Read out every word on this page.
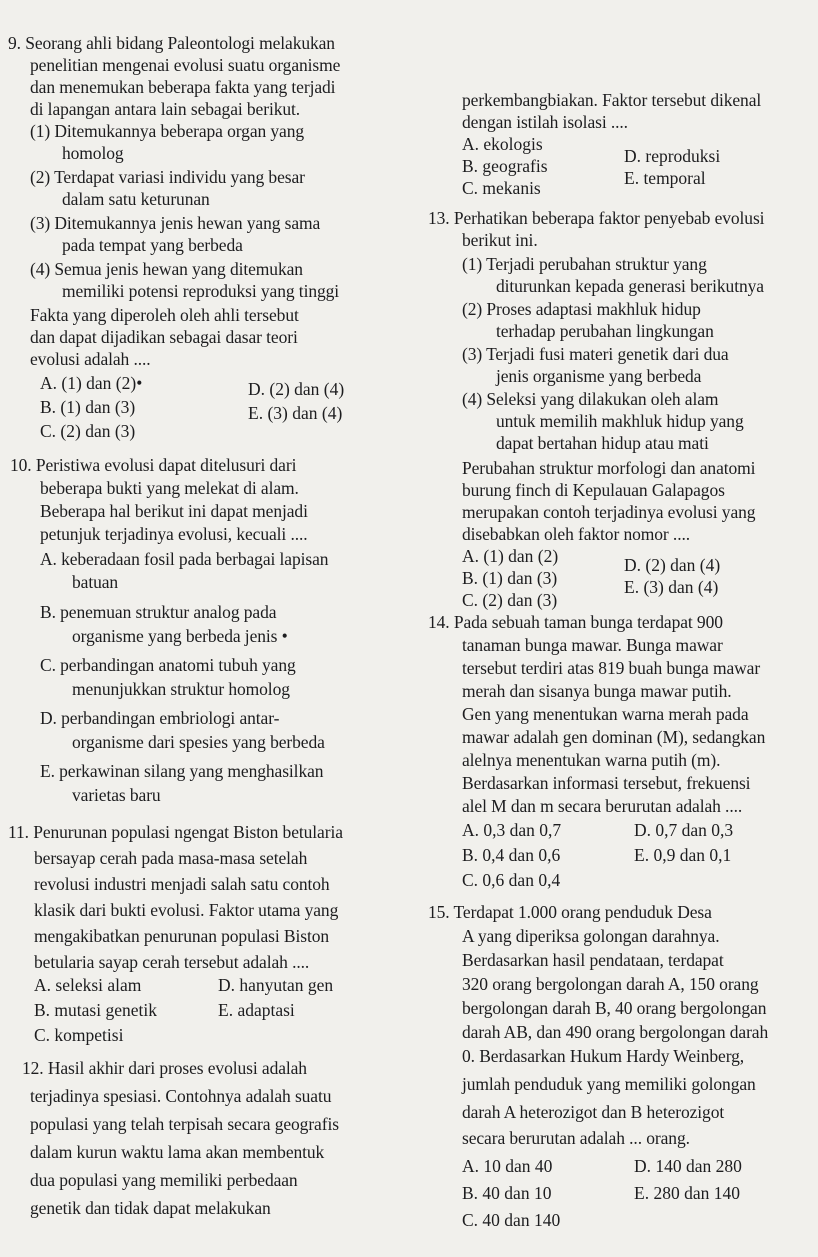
9. Seorang ahli bidang Paleontologi melakukan
penelitian mengenai evolusi suatu organisme
dan menemukan beberapa fakta yang terjadi
di lapangan antara lain sebagai berikut.
(1) Ditemukannya beberapa organ yang
homolog
(2) Terdapat variasi individu yang besar
dalam satu keturunan
(3) Ditemukannya jenis hewan yang sama
pada tempat yang berbeda
(4) Semua jenis hewan yang ditemukan
memiliki potensi reproduksi yang tinggi
Fakta yang diperoleh oleh ahli tersebut
dan dapat dijadikan sebagai dasar teori
evolusi adalah ....
A. (1) dan (2)•	D. (2) dan (4)
B. (1) dan (3)	E. (3) dan (4)
C. (2) dan (3)
10. Peristiwa evolusi dapat ditelusuri dari
beberapa bukti yang melekat di alam.
Beberapa hal berikut ini dapat menjadi
petunjuk terjadinya evolusi, kecuali ....
A. keberadaan fosil pada berbagai lapisan
batuan
B. penemuan struktur analog pada
organisme yang berbeda jenis •
C. perbandingan anatomi tubuh yang
menunjukkan struktur homolog
D. perbandingan embriologi antar-
organisme dari spesies yang berbeda
E. perkawinan silang yang menghasilkan
varietas baru
11. Penurunan populasi ngengat Biston betularia
bersayap cerah pada masa-masa setelah
revolusi industri menjadi salah satu contoh
klasik dari bukti evolusi. Faktor utama yang
mengakibatkan penurunan populasi Biston
betularia sayap cerah tersebut adalah ....
A. seleksi alam	D. hanyutan gen
B. mutasi genetik	E. adaptasi
C. kompetisi
12. Hasil akhir dari proses evolusi adalah
terjadinya spesiasi. Contohnya adalah suatu
populasi yang telah terpisah secara geografis
dalam kurun waktu lama akan membentuk
dua populasi yang memiliki perbedaan
genetik dan tidak dapat melakukan
perkembangbiakan. Faktor tersebut dikenal
dengan istilah isolasi ....
A. ekologis
D. reproduksi
B. geografis
E. temporal
C. mekanis
13. Perhatikan beberapa faktor penyebab evolusi
berikut ini.
(1) Terjadi perubahan struktur yang
diturunkan kepada generasi berikutnya
(2) Proses adaptasi makhluk hidup
terhadap perubahan lingkungan
(3) Terjadi fusi materi genetik dari dua
jenis organisme yang berbeda
(4) Seleksi yang dilakukan oleh alam
untuk memilih makhluk hidup yang
dapat bertahan hidup atau mati
Perubahan struktur morfologi dan anatomi
burung finch di Kepulauan Galapagos
merupakan contoh terjadinya evolusi yang
disebabkan oleh faktor nomor ....
A. (1) dan (2)	D. (2) dan (4)
B. (1) dan (3)	E. (3) dan (4)
C. (2) dan (3)
14. Pada sebuah taman bunga terdapat 900
tanaman bunga mawar. Bunga mawar
tersebut terdiri atas 819 buah bunga mawar
merah dan sisanya bunga mawar putih.
Gen yang menentukan warna merah pada
mawar adalah gen dominan (M), sedangkan
alelnya menentukan warna putih (m).
Berdasarkan informasi tersebut, frekuensi
alel M dan m secara berurutan adalah ....
A. 0,3 dan 0,7	D. 0,7 dan 0,3
B. 0,4 dan 0,6	E. 0,9 dan 0,1
C. 0,6 dan 0,4
15. Terdapat 1.000 orang penduduk Desa
A yang diperiksa golongan darahnya.
Berdasarkan hasil pendataan, terdapat
320 orang bergolongan darah A, 150 orang
bergolongan darah B, 40 orang bergolongan
darah AB, dan 490 orang bergolongan darah
0. Berdasarkan Hukum Hardy Weinberg,
jumlah penduduk yang memiliki golongan
darah A heterozigot dan B heterozigot
secara berurutan adalah ... orang.
A. 10 dan 40	D. 140 dan 280
B. 40 dan 10	E. 280 dan 140
C. 40 dan 140
